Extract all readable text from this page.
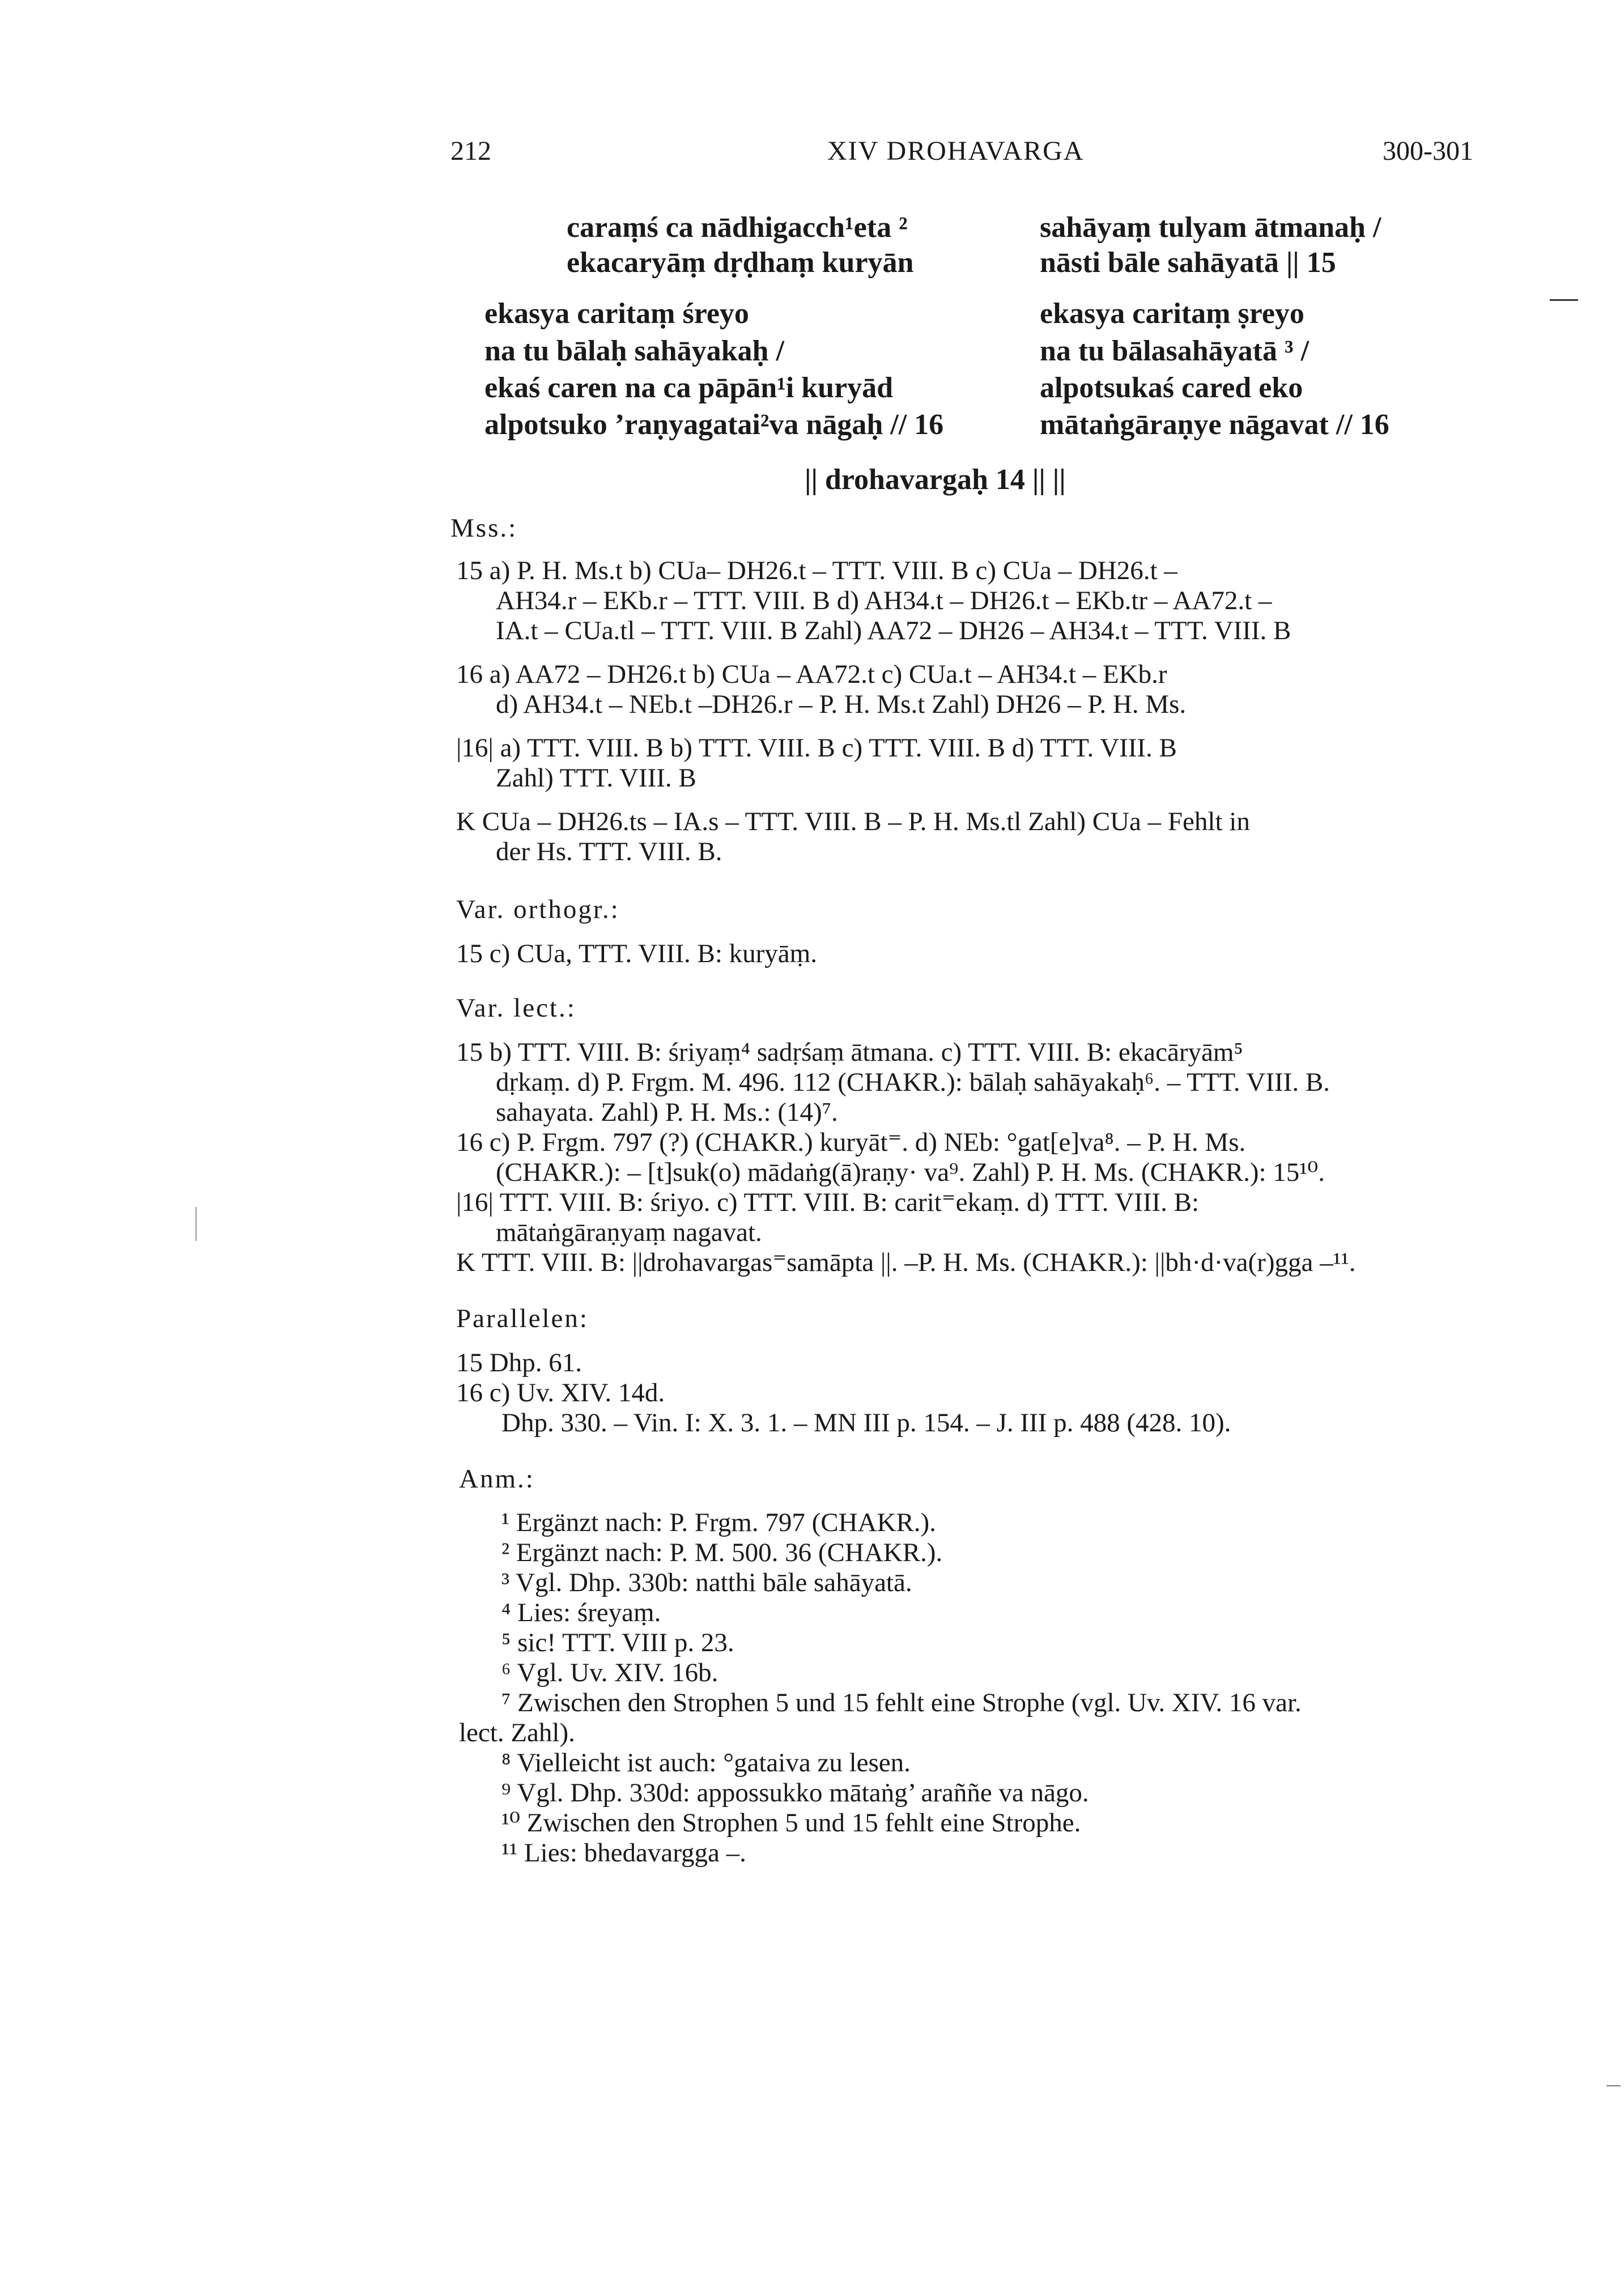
212	XIV DROHAVARGA	300-301
caraṃś ca nādhigacch¹eta ²
ekacaryāṃ dṛḍhaṃ kuryān
ekasya caritaṃ śreyo
na tu bālaḥ sahāyakaḥ /
ekaś caren na ca pāpān¹i kuryād
alpotsuko ’raṇyagatai²va nāgaḥ // 16
sahāyaṃ tulyam ātmanaḥ /
nāsti bāle sahāyatā || 15
ekasya caritaṃ ṣreyo
na tu bālasahāyatā ³ /
alpotsukaś cared eko
mātaṅgāraṇye nāgavat // 16
|| drohavargaḥ 14 || ||
Mss.:
15 a) P. H. Ms.t b) CUa– DH26.t – TTT. VIII. B c) CUa – DH26.t –
AH34.r – EKb.r – TTT. VIII. B d) AH34.t – DH26.t – EKb.tr – AA72.t –
IA.t – CUa.tl – TTT. VIII. B Zahl) AA72 – DH26 – AH34.t – TTT. VIII. B
16 a) AA72 – DH26.t b) CUa – AA72.t c) CUa.t – AH34.t – EKb.r
d) AH34.t – NEb.t –DH26.r – P. H. Ms.t Zahl) DH26 – P. H. Ms.
|16| a) TTT. VIII. B b) TTT. VIII. B c) TTT. VIII. B d) TTT. VIII. B
Zahl) TTT. VIII. B
K CUa – DH26.ts – IA.s – TTT. VIII. B – P. H. Ms.tl Zahl) CUa – Fehlt in
der Hs. TTT. VIII. B.
Var. orthogr.:
15 c) CUa, TTT. VIII. B: kuryāṃ.
Var. lect.:
15 b) TTT. VIII. B: śriyaṃ⁴ sadṛśaṃ ātmana. c) TTT. VIII. B: ekacāryām⁵
dṛkaṃ. d) P. Frgm. M. 496. 112 (CHAKR.): bālaḥ sahāyakaḥ⁶. – TTT. VIII. B.
sahayata. Zahl) P. H. Ms.: (14)⁷.
16 c) P. Frgm. 797 (?) (CHAKR.) kuryāt⁼. d) NEb: °gat[e]va⁸. – P. H. Ms.
(CHAKR.): – [t]suk(o) mādaṅg(ā)raṇy· va⁹. Zahl) P. H. Ms. (CHAKR.): 15¹⁰.
|16| TTT. VIII. B: śriyo. c) TTT. VIII. B: carit⁼ekaṃ. d) TTT. VIII. B:
mātaṅgāraṇyaṃ nagavat.
K TTT. VIII. B: ||drohavargas⁼samāpta ||. –P. H. Ms. (CHAKR.): ||bh·d·va(r)gga –¹¹.
Parallelen:
15 Dhp. 61.
16 c) Uv. XIV. 14d.
Dhp. 330. – Vin. I: X. 3. 1. – MN III p. 154. – J. III p. 488 (428. 10).
Anm.:
¹ Ergänzt nach: P. Frgm. 797 (CHAKR.).
² Ergänzt nach: P. M. 500. 36 (CHAKR.).
³ Vgl. Dhp. 330b: natthi bāle sahāyatā.
⁴ Lies: śreyaṃ.
⁵ sic! TTT. VIII p. 23.
⁶ Vgl. Uv. XIV. 16b.
⁷ Zwischen den Strophen 5 und 15 fehlt eine Strophe (vgl. Uv. XIV. 16 var.
lect. Zahl).
⁸ Vielleicht ist auch: °gataiva zu lesen.
⁹ Vgl. Dhp. 330d: appossukko mātaṅg’ araññe va nāgo.
¹⁰ Zwischen den Strophen 5 und 15 fehlt eine Strophe.
¹¹ Lies: bhedavargga –.
